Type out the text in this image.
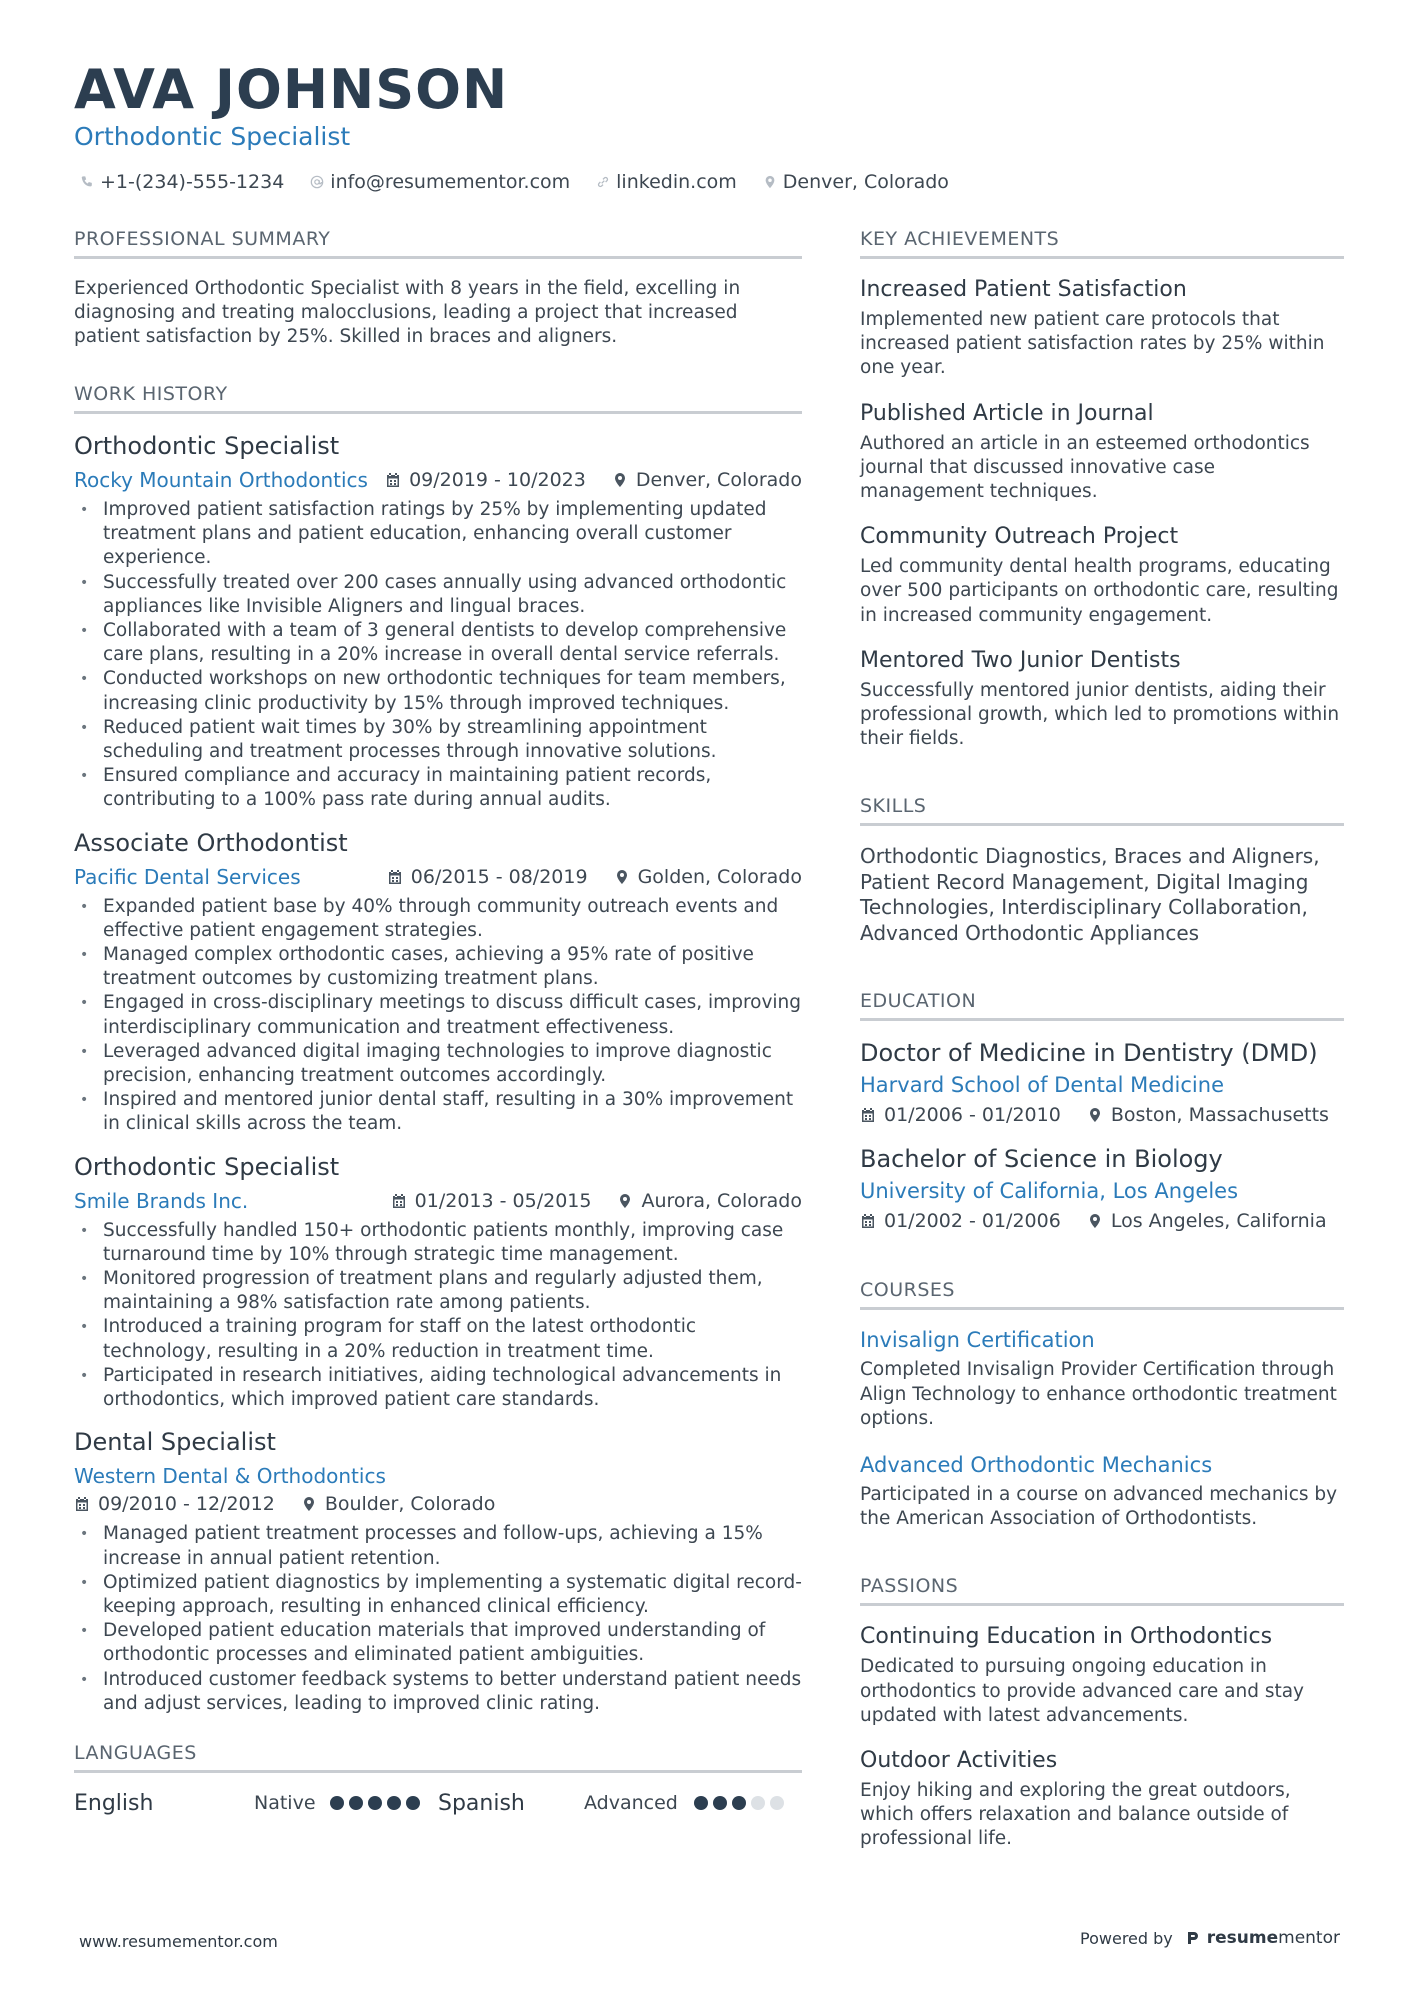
AVA JOHNSON
Orthodontic Specialist
+1-(234)-555-1234 info@resumementor.com linkedin.com Denver, Colorado
PROFESSIONAL SUMMARY
Experienced Orthodontic Specialist with 8 years in the field, excelling in diagnosing and treating malocclusions, leading a project that increased patient satisfaction by 25%. Skilled in braces and aligners.
WORK HISTORY
Orthodontic Specialist
Rocky Mountain Orthodontics 09/2019 - 10/2023	Denver, Colorado
• Improved patient satisfaction ratings by 25% by implementing updated treatment plans and patient education, enhancing overall customer experience.
• Successfully treated over 200 cases annually using advanced orthodontic appliances like Invisible Aligners and lingual braces.
• Collaborated with a team of 3 general dentists to develop comprehensive care plans, resulting in a 20% increase in overall dental service referrals.
• Conducted workshops on new orthodontic techniques for team members, increasing clinic productivity by 15% through improved techniques.
• Reduced patient wait times by 30% by streamlining appointment scheduling and treatment processes through innovative solutions.
• Ensured compliance and accuracy in maintaining patient records, contributing to a 100% pass rate during annual audits.
Associate Orthodontist
Pacific Dental Services	06/2015 - 08/2019	Golden, Colorado
• Expanded patient base by 40% through community outreach events and effective patient engagement strategies.
• Managed complex orthodontic cases, achieving a 95% rate of positive treatment outcomes by customizing treatment plans.
• Engaged in cross-disciplinary meetings to discuss difficult cases, improving interdisciplinary communication and treatment effectiveness.
• Leveraged advanced digital imaging technologies to improve diagnostic precision, enhancing treatment outcomes accordingly.
• Inspired and mentored junior dental staff, resulting in a 30% improvement in clinical skills across the team.
Orthodontic Specialist
Smile Brands Inc.	01/2013 - 05/2015	Aurora, Colorado
• Successfully handled 150+ orthodontic patients monthly, improving case turnaround time by 10% through strategic time management.
• Monitored progression of treatment plans and regularly adjusted them, maintaining a 98% satisfaction rate among patients.
• Introduced a training program for staff on the latest orthodontic technology, resulting in a 20% reduction in treatment time.
• Participated in research initiatives, aiding technological advancements in orthodontics, which improved patient care standards.
Dental Specialist
Western Dental & Orthodontics
09/2010 - 12/2012	Boulder, Colorado
• Managed patient treatment processes and follow-ups, achieving a 15% increase in annual patient retention.
• Optimized patient diagnostics by implementing a systematic digital record-keeping approach, resulting in enhanced clinical efficiency.
• Developed patient education materials that improved understanding of orthodontic processes and eliminated patient ambiguities.
• Introduced customer feedback systems to better understand patient needs and adjust services, leading to improved clinic rating.
LANGUAGES
English	Native	Spanish	Advanced
KEY ACHIEVEMENTS
Increased Patient Satisfaction
Implemented new patient care protocols that increased patient satisfaction rates by 25% within one year.
Published Article in Journal
Authored an article in an esteemed orthodontics journal that discussed innovative case management techniques.
Community Outreach Project
Led community dental health programs, educating over 500 participants on orthodontic care, resulting in increased community engagement.
Mentored Two Junior Dentists
Successfully mentored junior dentists, aiding their professional growth, which led to promotions within their fields.
SKILLS
Orthodontic Diagnostics, Braces and Aligners, Patient Record Management, Digital Imaging Technologies, Interdisciplinary Collaboration, Advanced Orthodontic Appliances
EDUCATION
Doctor of Medicine in Dentistry (DMD)
Harvard School of Dental Medicine
01/2006 - 01/2010	Boston, Massachusetts
Bachelor of Science in Biology
University of California, Los Angeles
01/2002 - 01/2006	Los Angeles, California
COURSES
Invisalign Certification
Completed Invisalign Provider Certification through Align Technology to enhance orthodontic treatment options.
Advanced Orthodontic Mechanics
Participated in a course on advanced mechanics by the American Association of Orthodontists.
PASSIONS
Continuing Education in Orthodontics
Dedicated to pursuing ongoing education in orthodontics to provide advanced care and stay updated with latest advancements.
Outdoor Activities
Enjoy hiking and exploring the great outdoors, which offers relaxation and balance outside of professional life.
www.resumementor.com	Powered by resumementor
